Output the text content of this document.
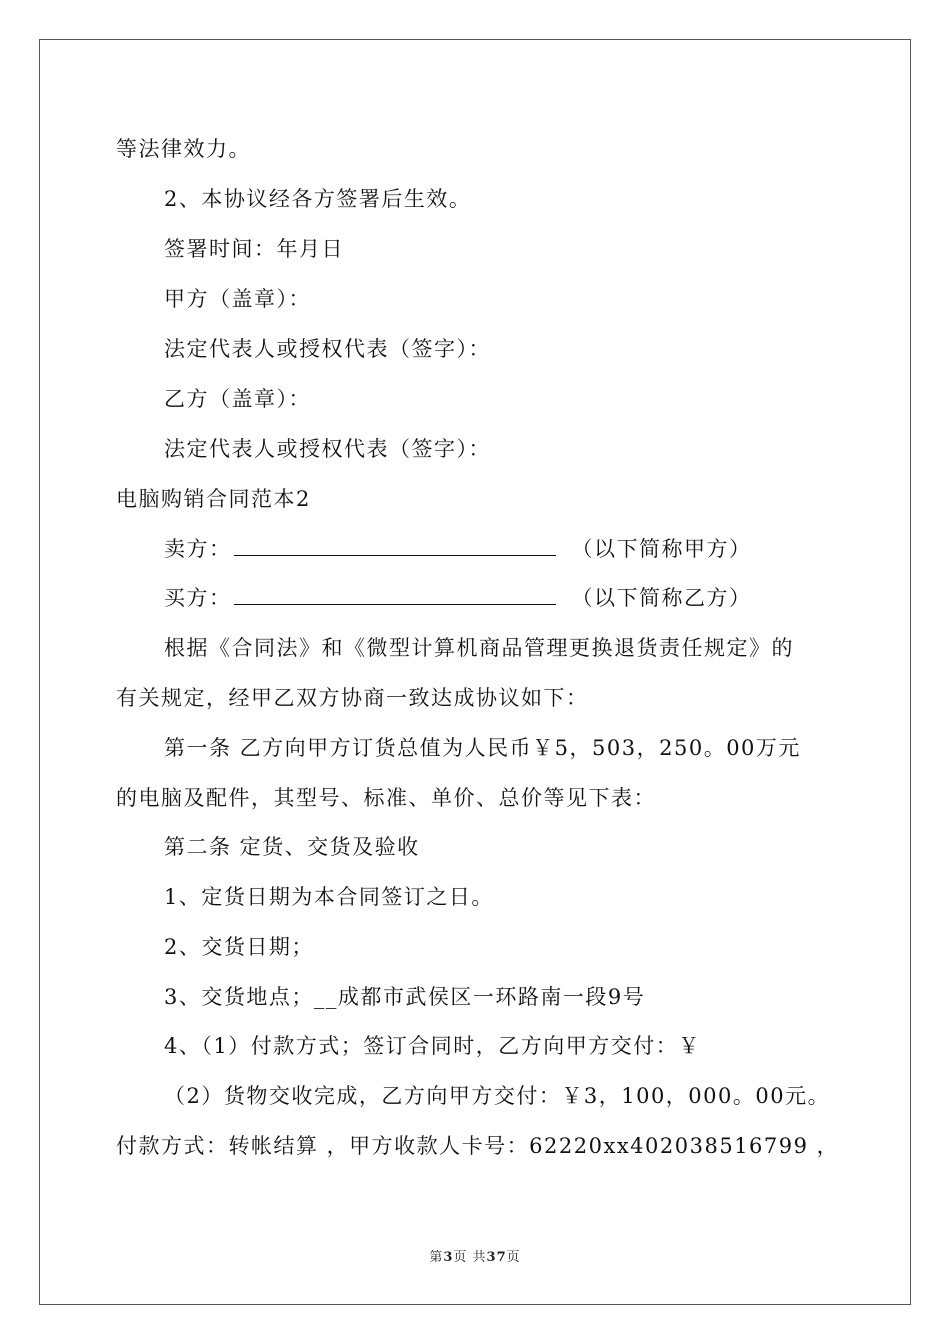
等法律效力。
2、本协议经各方签署后生效。
签署时间：年月日
甲方（盖章）：
法定代表人或授权代表（签字）：
乙方（盖章）：
法定代表人或授权代表（签字）：
电脑购销合同范本2
卖方：	（以下简称甲方）
买方：	（以下简称乙方）
根据《合同法》和《微型计算机商品管理更换退货责任规定》的
有关规定，经甲乙双方协商一致达成协议如下：
第一条 乙方向甲方订货总值为人民币￥5，503，250。00万元
的电脑及配件，其型号、标准、单价、总价等见下表：
第二条 定货、交货及验收
1、定货日期为本合同签订之日。
2、交货日期；
3、交货地点；__成都市武侯区一环路南一段9号
4、（1）付款方式；签订合同时，乙方向甲方交付：￥
（2）货物交收完成，乙方向甲方交付：￥3，100，000。00元。
付款方式：转帐结算 ，甲方收款人卡号：62220xx402038516799 ，
第3页 共37页
